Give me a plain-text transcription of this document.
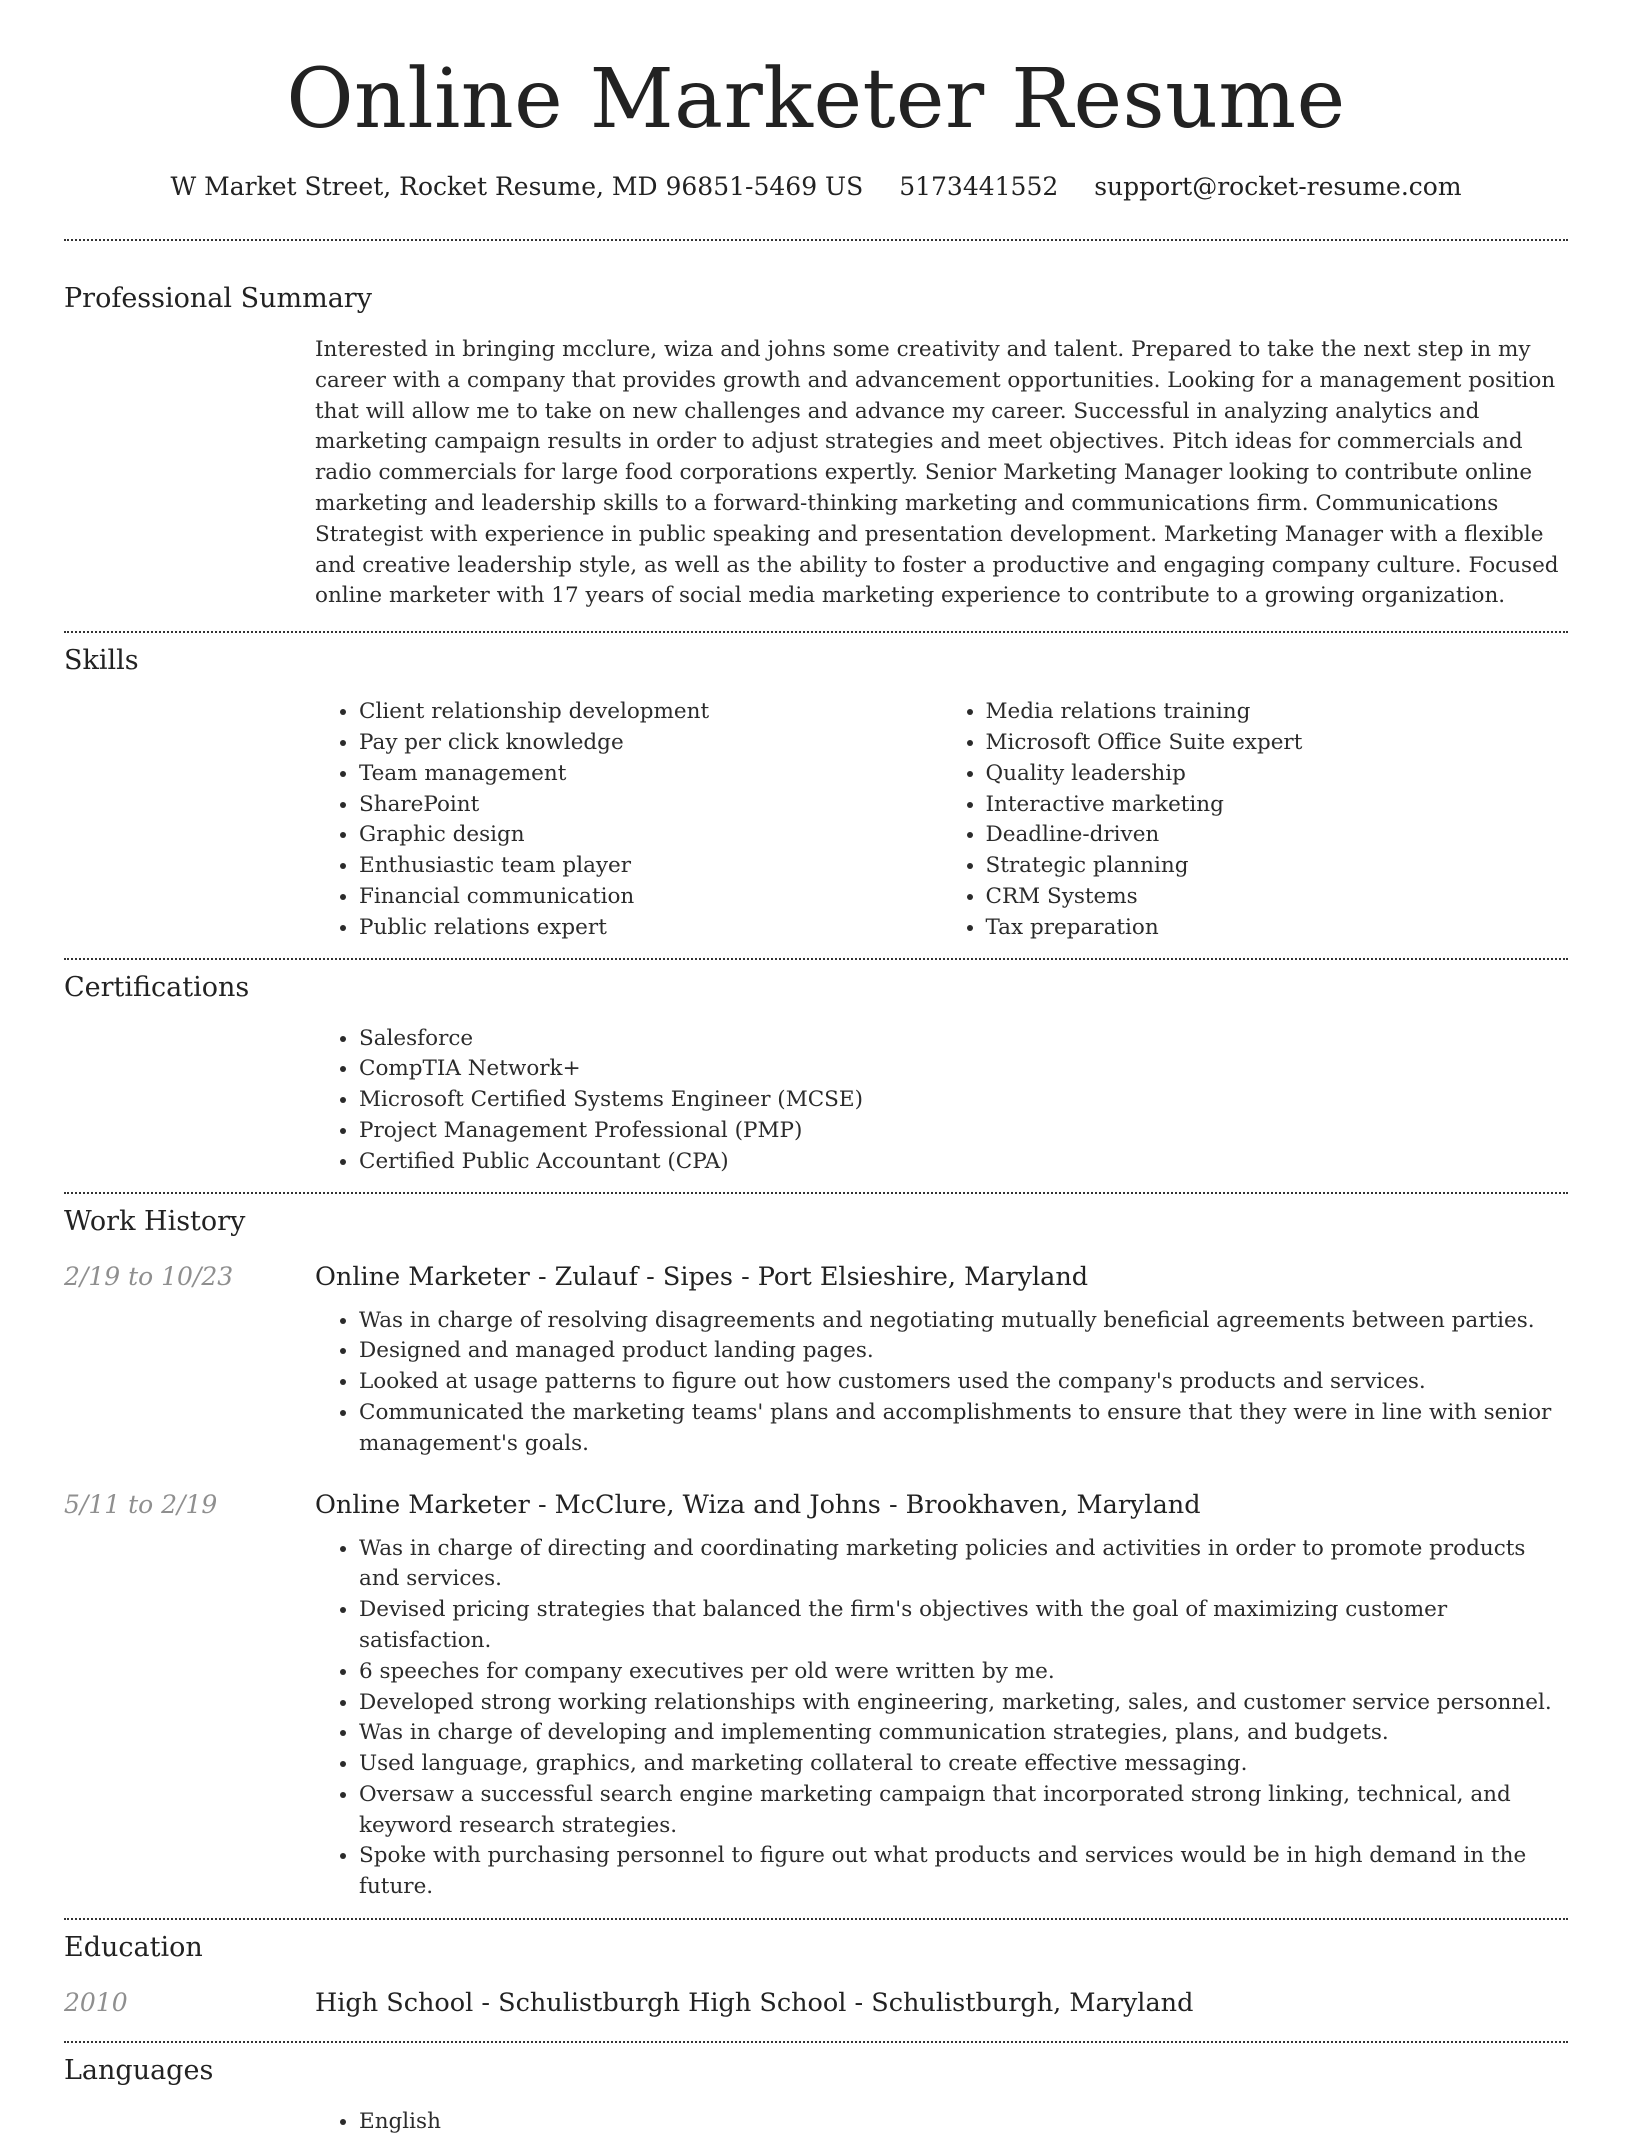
Online Marketer Resume
W Market Street, Rocket Resume, MD 96851-5469 US 5173441552 support@rocket-resume.com
Professional Summary

Interested in bringing mcclure, wiza and johns some creativity and talent. Prepared to take the next step in my career with a company that provides growth and advancement opportunities. Looking for a management position that will allow me to take on new challenges and advance my career. Successful in analyzing analytics and marketing campaign results in order to adjust strategies and meet objectives. Pitch ideas for commercials and radio commercials for large food corporations expertly. Senior Marketing Manager looking to contribute online marketing and leadership skills to a forward-thinking marketing and communications firm. Communications Strategist with experience in public speaking and presentation development. Marketing Manager with a flexible and creative leadership style, as well as the ability to foster a productive and engaging company culture. Focused online marketer with 17 years of social media marketing experience to contribute to a growing organization.

Skills
• Client relationship development
• Pay per click knowledge
• Team management
• SharePoint
• Graphic design
• Enthusiastic team player
• Financial communication
• Public relations expert
• Media relations training
• Microsoft Office Suite expert
• Quality leadership
• Interactive marketing
• Deadline-driven
• Strategic planning
• CRM Systems
• Tax preparation
Certifications
• Salesforce
• CompTIA Network+
• Microsoft Certified Systems Engineer (MCSE)
• Project Management Professional (PMP)
• Certified Public Accountant (CPA)
Work History
2/19 to 10/23	Online Marketer - Zulauf - Sipes - Port Elsieshire, Maryland
• Was in charge of resolving disagreements and negotiating mutually beneficial agreements between parties.
• Designed and managed product landing pages.
• Looked at usage patterns to figure out how customers used the company's products and services.
• Communicated the marketing teams' plans and accomplishments to ensure that they were in line with senior management's goals.
5/11 to 2/19	Online Marketer - McClure, Wiza and Johns - Brookhaven, Maryland
• Was in charge of directing and coordinating marketing policies and activities in order to promote products and services.
• Devised pricing strategies that balanced the firm's objectives with the goal of maximizing customer satisfaction.
• 6 speeches for company executives per old were written by me.
• Developed strong working relationships with engineering, marketing, sales, and customer service personnel.
• Was in charge of developing and implementing communication strategies, plans, and budgets.
• Used language, graphics, and marketing collateral to create effective messaging.
• Oversaw a successful search engine marketing campaign that incorporated strong linking, technical, and keyword research strategies.
• Spoke with purchasing personnel to figure out what products and services would be in high demand in the future.
Education
2010	High School - Schulistburgh High School - Schulistburgh, Maryland
Languages
• English
